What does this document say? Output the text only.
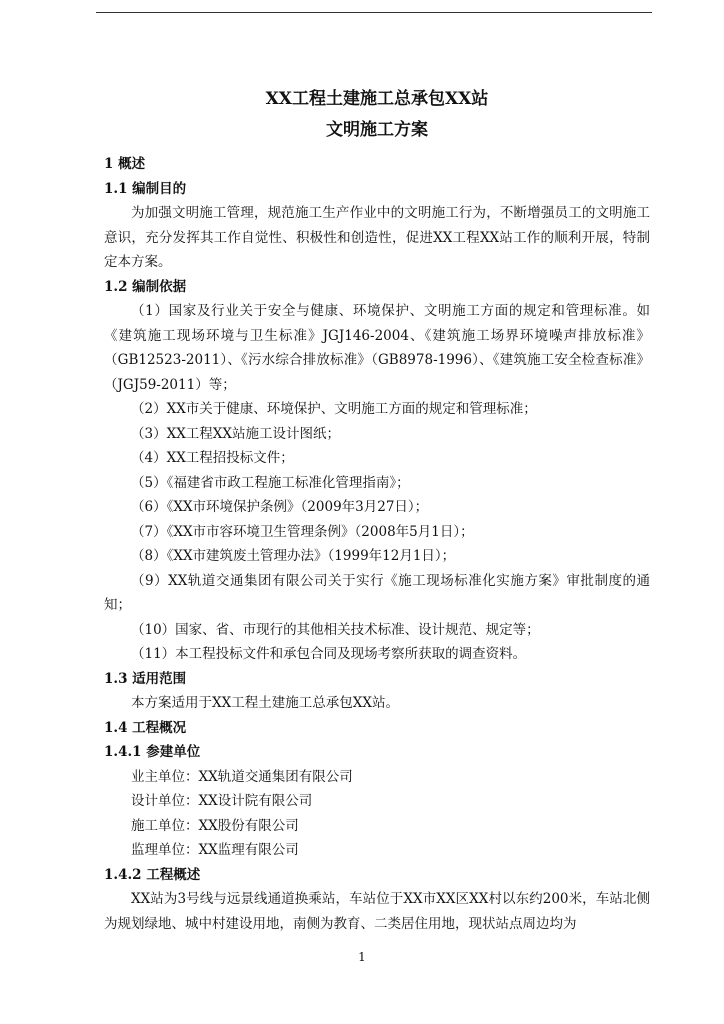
XX工程土建施工总承包XX站
文明施工方案
1 概述
1.1 编制目的
为加强文明施工管理，规范施工生产作业中的文明施工行为，不断增强员工的文明施工意识，充分发挥其工作自觉性、积极性和创造性，促进XX工程XX站工作的顺利开展，特制定本方案。
1.2 编制依据
（1）国家及行业关于安全与健康、环境保护、文明施工方面的规定和管理标准。如《建筑施工现场环境与卫生标准》JGJ146-2004、《建筑施工场界环境噪声排放标准》（GB12523-2011）、《污水综合排放标准》（GB8978-1996）、《建筑施工安全检查标准》（JGJ59-2011）等；
（2）XX市关于健康、环境保护、文明施工方面的规定和管理标准；
（3）XX工程XX站施工设计图纸；
（4）XX工程招投标文件；
（5）《福建省市政工程施工标准化管理指南》；
（6）《XX市环境保护条例》（2009年3月27日）；
（7）《XX市市容环境卫生管理条例》（2008年5月1日）；
（8）《XX市建筑废土管理办法》（1999年12月1日）；
（9）XX轨道交通集团有限公司关于实行《施工现场标准化实施方案》审批制度的通知；
（10）国家、省、市现行的其他相关技术标准、设计规范、规定等；
（11）本工程投标文件和承包合同及现场考察所获取的调查资料。
1.3 适用范围
本方案适用于XX工程土建施工总承包XX站。
1.4 工程概况
1.4.1 参建单位
业主单位：XX轨道交通集团有限公司
设计单位：XX设计院有限公司
施工单位：XX股份有限公司
监理单位：XX监理有限公司
1.4.2 工程概述
XX站为3号线与远景线通道换乘站，车站位于XX市XX区XX村以东约200米，车站北侧为规划绿地、城中村建设用地，南侧为教育、二类居住用地，现状站点周边均为
1
